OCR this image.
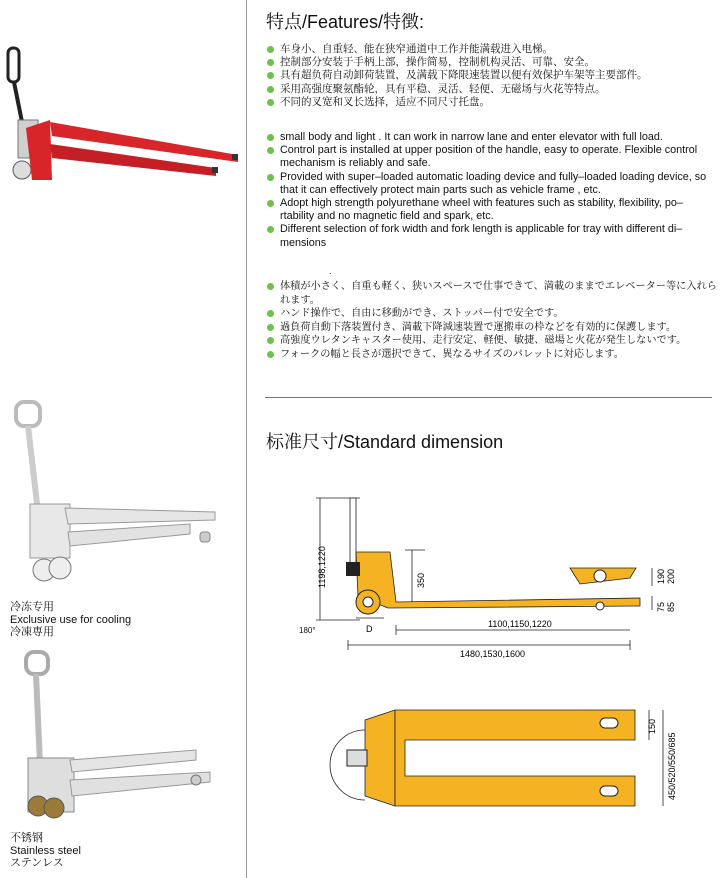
冷冻专用
Exclusive use for cooling
冷凍専用
不锈钢
Stainless steel
ステンレス
特点/Features/特徴:
车身小、自重轻、能在狭窄通道中工作并能满载进入电梯。
控制部分安装于手柄上部，操作简易，控制机构灵活、可靠、安全。
具有超负荷自动卸荷装置，及满载下降限速装置以便有效保护车架等主要部件。
采用高强度聚氨酯轮，具有平稳、灵活、轻便、无磁场与火花等特点。
不同的叉宽和叉长选择，适应不同尺寸托盘。
small body and light . It can work in narrow lane and enter elevator with full load.
Control part is installed at upper position of the handle, easy to operate. Flexible control mechanism is reliably and safe.
Provided with super–loaded automatic loading device and fully–loaded loading device, so that it can effectively protect main parts such as vehicle frame , etc.
Adopt high strength polyurethane wheel with features such as stability, flexibility, po–rtability and no magnetic field and spark, etc.
Different selection of fork width and fork length is applicable for tray with different di–mensions
.
体積が小さく、自重も軽く、狭いスペースで仕事できて、満載のままでエレベーター等に入れられます。
ハンド操作で、自由に移動ができ、ストッパー付で安全です。
過負荷自動下落装置付き、満載下降減速装置で運搬車の枠などを有効的に保護します。
高強度ウレタンキャスター使用、走行安定、軽便、敏捷、磁場と火花が発生しないです。
フォークの幅と長さが選択できて、異なるサイズのパレットに対応します。
标准尺寸/Standard dimension
1198,1220	350
D	1100,1150,1220
1480,1530,1600
190 200
75 85
180°
150
450/520/550/685
